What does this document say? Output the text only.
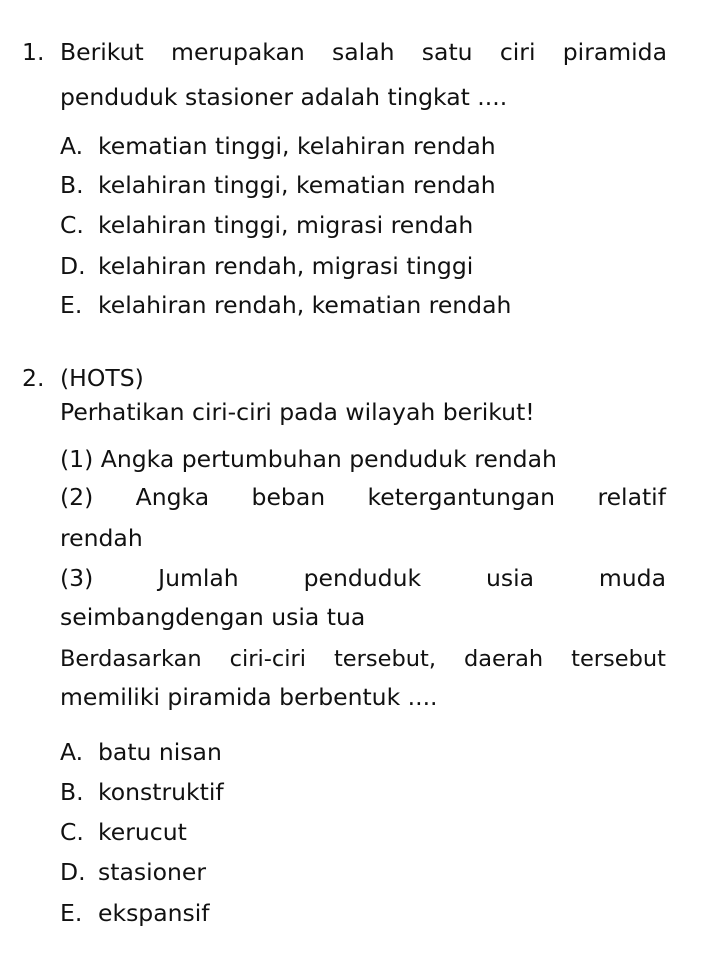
1. Berikut merupakan salah satu ciri piramida
penduduk stasioner adalah tingkat ....
A. kematian tinggi, kelahiran rendah
B. kelahiran tinggi, kematian rendah
C. kelahiran tinggi, migrasi rendah
D. kelahiran rendah, migrasi tinggi
E. kelahiran rendah, kematian rendah
2. (HOTS)
Perhatikan ciri-ciri pada wilayah berikut!
(1) Angka pertumbuhan penduduk rendah
(2) Angka beban ketergantungan relatif
rendah
(3) Jumlah penduduk usia muda
seimbangdengan usia tua
Berdasarkan ciri-ciri tersebut, daerah tersebut
memiliki piramida berbentuk ....
A. batu nisan
B. konstruktif
C. kerucut
D. stasioner
E. ekspansif
